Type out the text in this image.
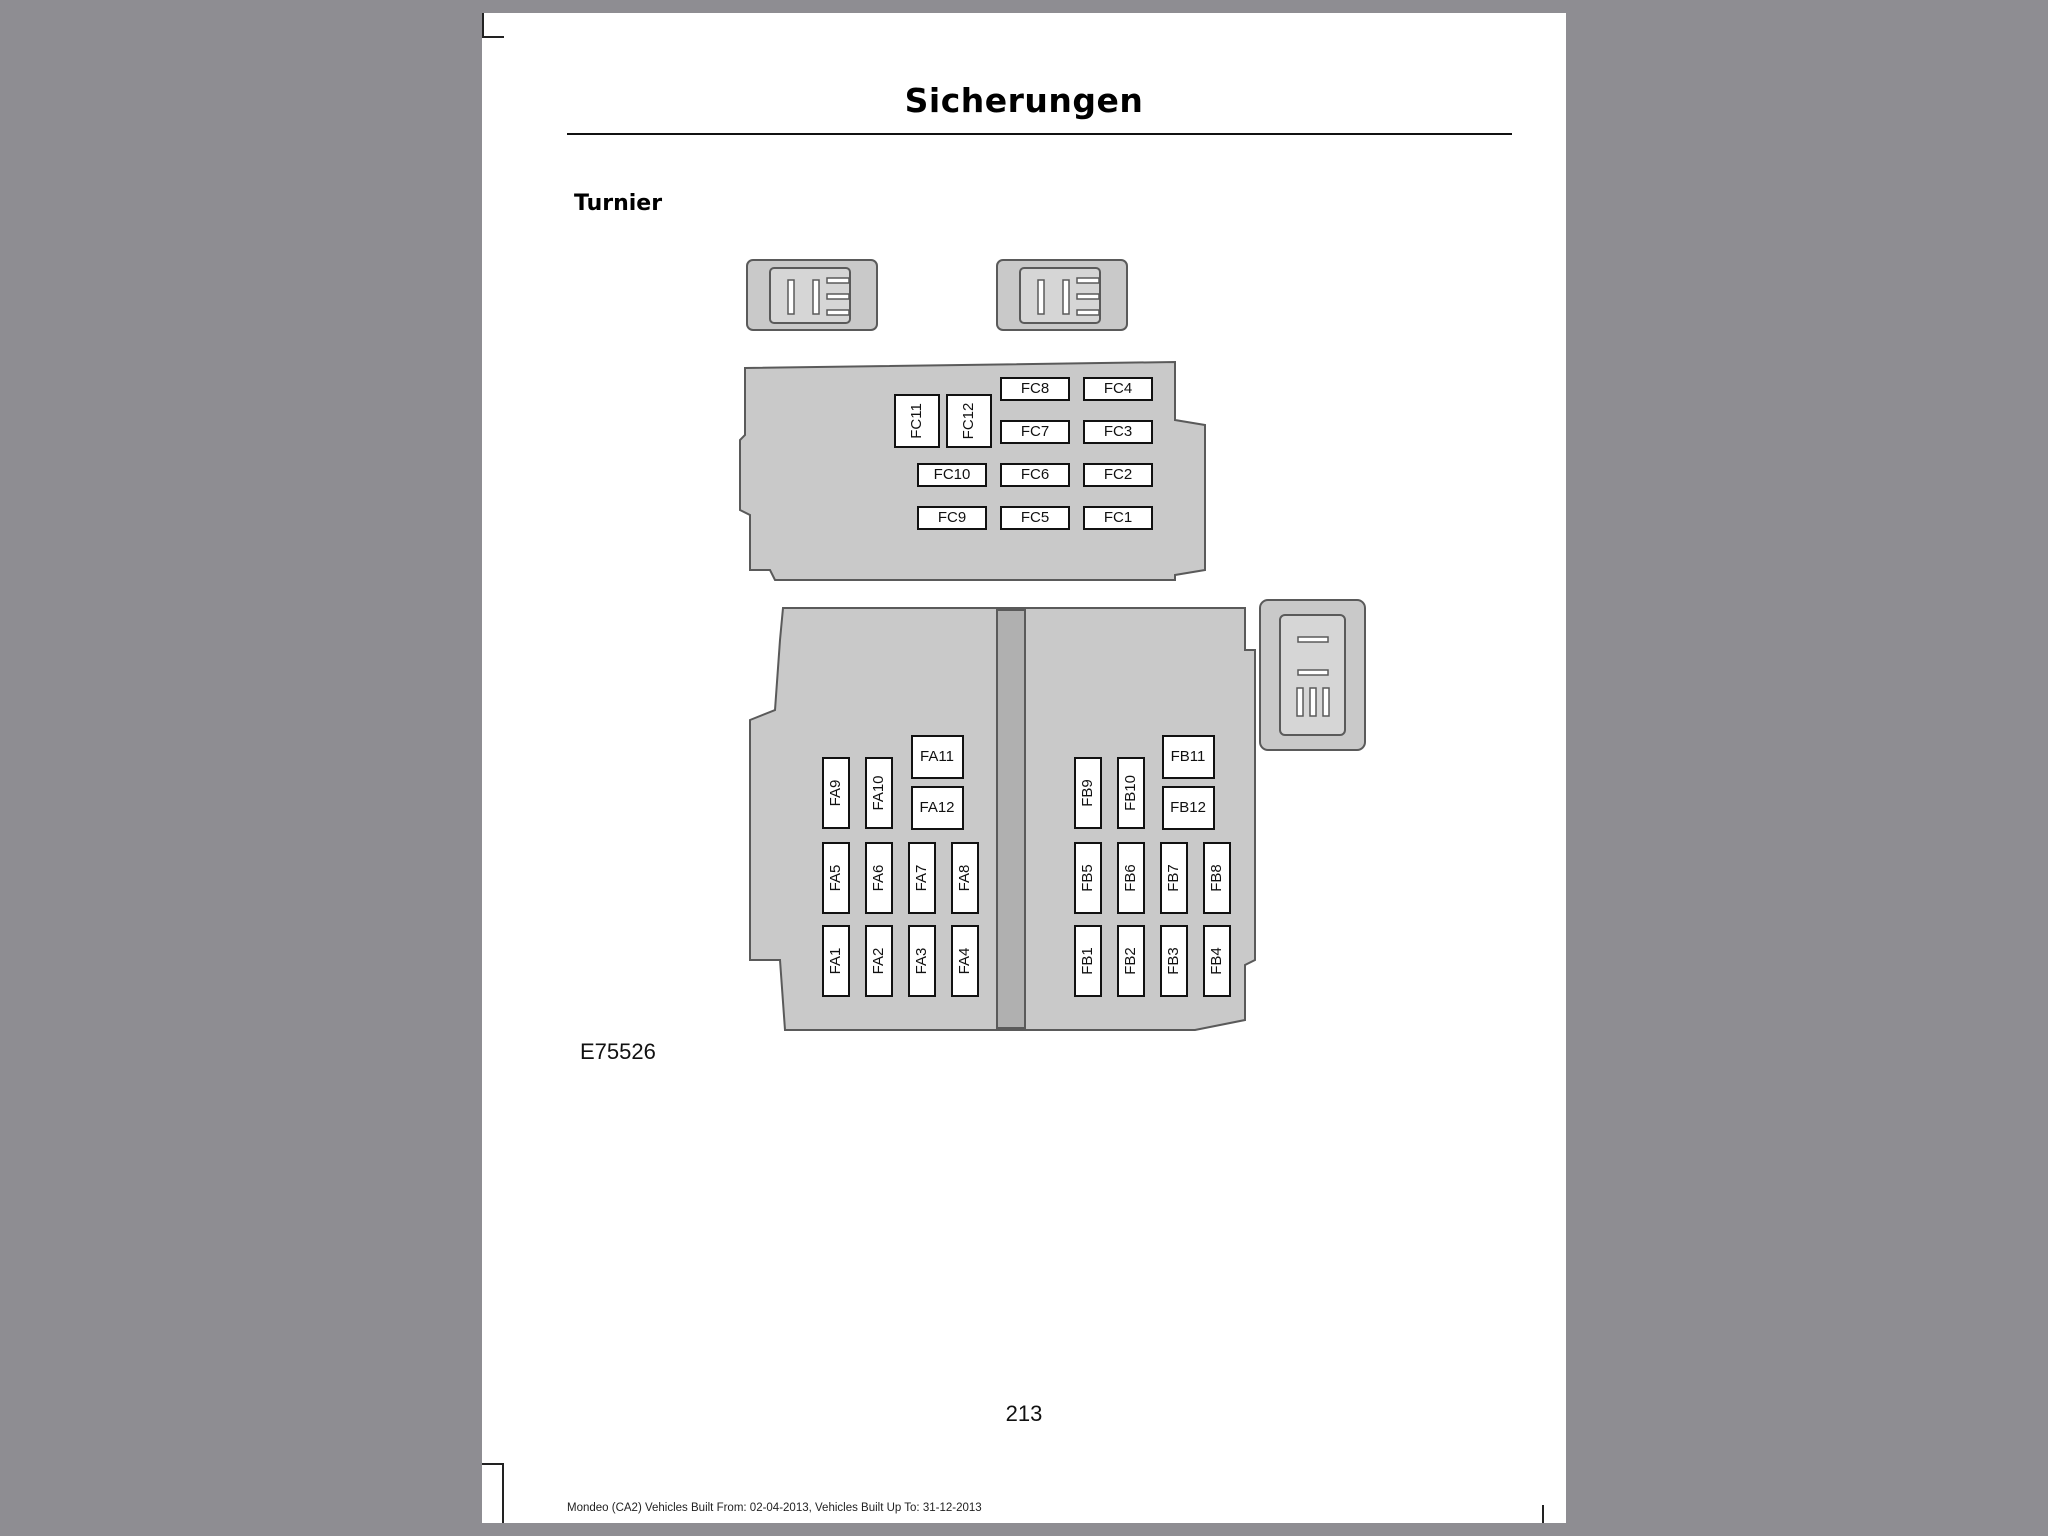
Sicherungen
Turnier
E75526
213
Mondeo (CA2) Vehicles Built From: 02-04-2013, Vehicles Built Up To: 31-12-2013
FC11 FC12
FC8	FC4
FC7	FC3
FC10	FC6	FC2
FC9	FC5	FC1
FA11
FA12
FA9 FA10
FA5 FA6 FA7 FA8
FA1 FA2 FA3 FA4
FB11
FB12
FB9 FB10
FB5 FB6 FB7 FB8
FB1 FB2 FB3 FB4
